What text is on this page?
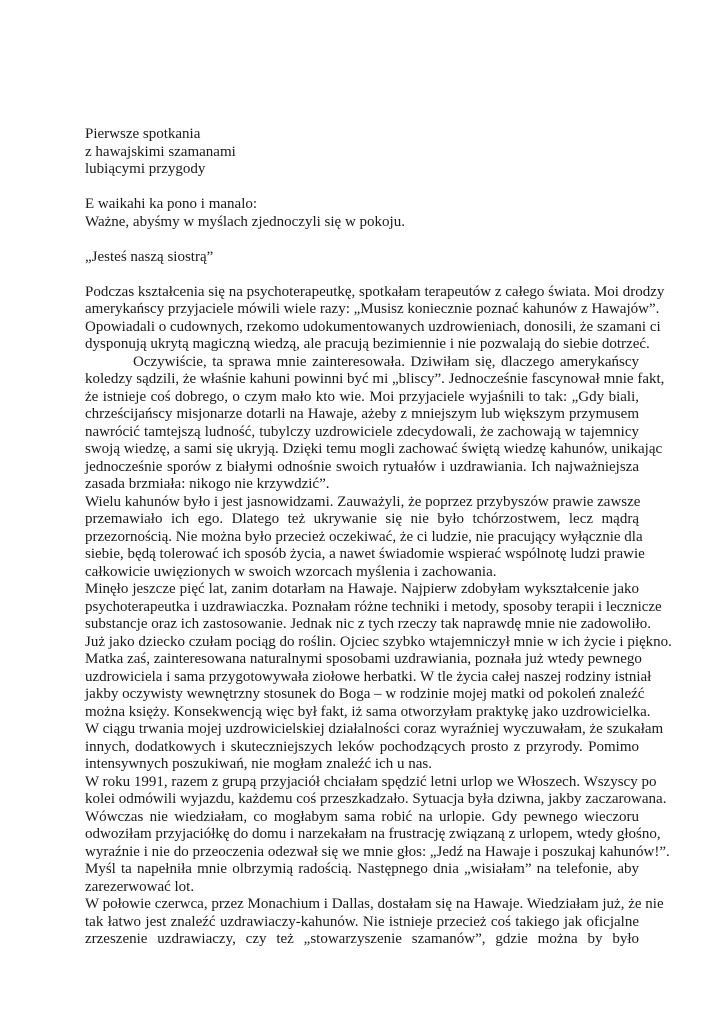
Pierwsze spotkania
z hawajskimi szamanami
lubiącymi przygody
E waikahi ka pono i manalo:
Ważne, abyśmy w myślach zjednoczyli się w pokoju.
„Jesteś naszą siostrą”
Podczas kształcenia się na psychoterapeutkę, spotkałam terapeutów z całego świata. Moi drodzy
amerykańscy przyjaciele mówili wiele razy: „Musisz koniecznie poznać kahunów z Hawajów”.
Opowiadali o cudownych, rzekomo udokumentowanych uzdrowieniach, donosili, że szamani ci
dysponują ukrytą magiczną wiedzą, ale pracują bezimiennie i nie pozwalają do siebie dotrzeć.
Oczywiście, ta sprawa mnie zainteresowała. Dziwiłam się, dlaczego amerykańscy
koledzy sądzili, że właśnie kahuni powinni być mi „bliscy”. Jednocześnie fascynował mnie fakt,
że istnieje coś dobrego, o czym mało kto wie. Moi przyjaciele wyjaśnili to tak: „Gdy biali,
chrześcijańscy misjonarze dotarli na Hawaje, ażeby z mniejszym lub większym przymusem
nawrócić tamtejszą ludność, tubylczy uzdrowiciele zdecydowali, że zachowają w tajemnicy
swoją wiedzę, a sami się ukryją. Dzięki temu mogli zachować świętą wiedzę kahunów, unikając
jednocześnie sporów z białymi odnośnie swoich rytuałów i uzdrawiania. Ich najważniejsza
zasada brzmiała: nikogo nie krzywdzić”.
Wielu kahunów było i jest jasnowidzami. Zauważyli, że poprzez przybyszów prawie zawsze
przemawiało ich ego. Dlatego też ukrywanie się nie było tchórzostwem, lecz mądrą
przezornością. Nie można było przecież oczekiwać, że ci ludzie, nie pracujący wyłącznie dla
siebie, będą tolerować ich sposób życia, a nawet świadomie wspierać wspólnotę ludzi prawie
całkowicie uwięzionych w swoich wzorcach myślenia i zachowania.
Minęło jeszcze pięć lat, zanim dotarłam na Hawaje. Najpierw zdobyłam wykształcenie jako
psychoterapeutka i uzdrawiaczka. Poznałam różne techniki i metody, sposoby terapii i lecznicze
substancje oraz ich zastosowanie. Jednak nic z tych rzeczy tak naprawdę mnie nie zadowoliło.
Już jako dziecko czułam pociąg do roślin. Ojciec szybko wtajemniczył mnie w ich życie i piękno.
Matka zaś, zainteresowana naturalnymi sposobami uzdrawiania, poznała już wtedy pewnego
uzdrowiciela i sama przygotowywała ziołowe herbatki. W tle życia całej naszej rodziny istniał
jakby oczywisty wewnętrzny stosunek do Boga – w rodzinie mojej matki od pokoleń znaleźć
można księży. Konsekwencją więc był fakt, iż sama otworzyłam praktykę jako uzdrowicielka.
W ciągu trwania mojej uzdrowicielskiej działalności coraz wyraźniej wyczuwałam, że szukałam
innych, dodatkowych i skuteczniejszych leków pochodzących prosto z przyrody. Pomimo
intensywnych poszukiwań, nie mogłam znaleźć ich u nas.
W roku 1991, razem z grupą przyjaciół chciałam spędzić letni urlop we Włoszech. Wszyscy po
kolei odmówili wyjazdu, każdemu coś przeszkadzało. Sytuacja była dziwna, jakby zaczarowana.
Wówczas nie wiedziałam, co mogłabym sama robić na urlopie. Gdy pewnego wieczoru
odwoziłam przyjaciółkę do domu i narzekałam na frustrację związaną z urlopem, wtedy głośno,
wyraźnie i nie do przeoczenia odezwał się we mnie głos: „Jedź na Hawaje i poszukaj kahunów!”.
Myśl ta napełniła mnie olbrzymią radością. Następnego dnia „wisiałam” na telefonie, aby
zarezerwować lot.
W połowie czerwca, przez Monachium i Dallas, dostałam się na Hawaje. Wiedziałam już, że nie
tak łatwo jest znaleźć uzdrawiaczy-kahunów. Nie istnieje przecież coś takiego jak oficjalne
zrzeszenie uzdrawiaczy, czy też „stowarzyszenie szamanów”, gdzie można by było
